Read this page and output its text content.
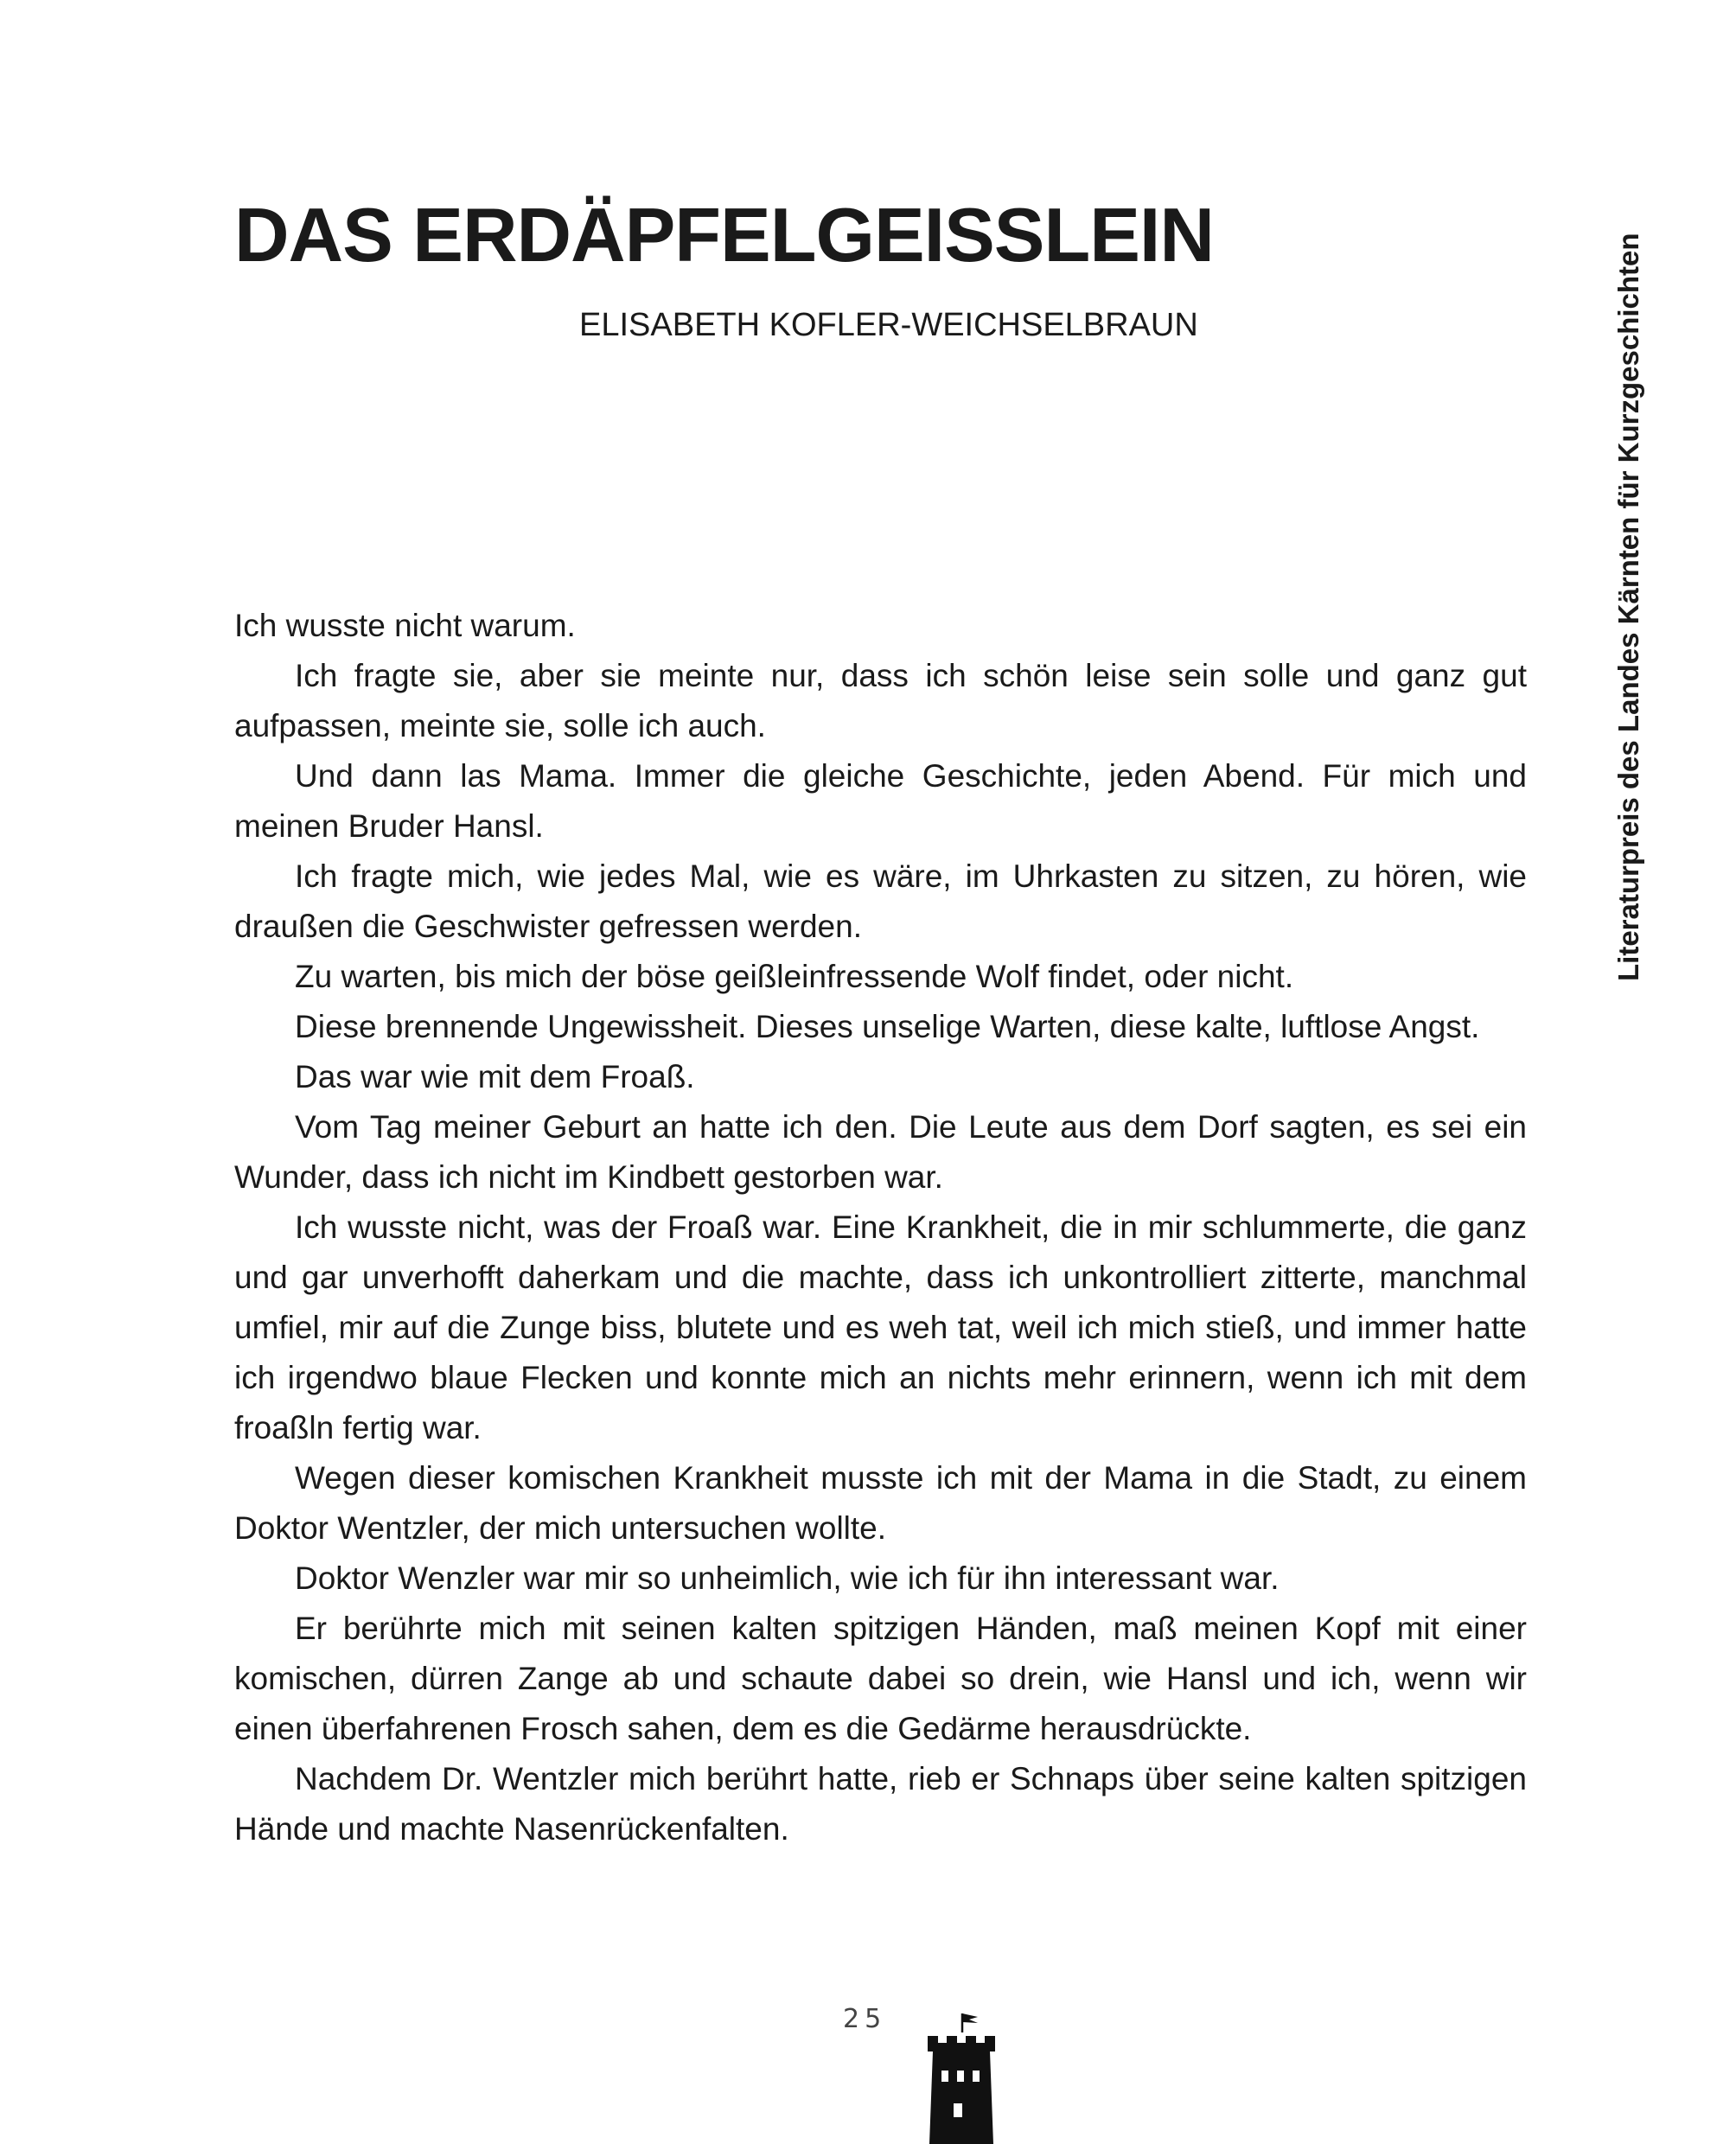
DAS ERDÄPFELGEISSLEIN
ELISABETH KOFLER-WEICHSELBRAUN	Literaturpreis des Landes Kärnten für Kurzgeschichten

Ich wusste nicht warum.

Ich fragte sie, aber sie meinte nur, dass ich schön leise sein solle und ganz gut aufpassen, meinte sie, solle ich auch.

Und dann las Mama. Immer die gleiche Geschichte, jeden Abend. Für mich und meinen Bruder Hansl.

Ich fragte mich, wie jedes Mal, wie es wäre, im Uhrkasten zu sitzen, zu hören, wie draußen die Geschwister gefressen werden.

Zu warten, bis mich der böse geißleinfressende Wolf findet, oder nicht.

Diese brennende Ungewissheit. Dieses unselige Warten, diese kalte, luftlose Angst.

Das war wie mit dem Froaß.

Vom Tag meiner Geburt an hatte ich den. Die Leute aus dem Dorf sagten, es sei ein Wunder, dass ich nicht im Kindbett gestorben war.

Ich wusste nicht, was der Froaß war. Eine Krankheit, die in mir schlummerte, die ganz und gar unverhofft daherkam und die machte, dass ich unkontrolliert zitterte, manchmal umfiel, mir auf die Zunge biss, blutete und es weh tat, weil ich mich stieß, und immer hatte ich irgendwo blaue Flecken und konnte mich an nichts mehr erinnern, wenn ich mit dem froaßln fertig war.

Wegen dieser komischen Krankheit musste ich mit der Mama in die Stadt, zu einem Doktor Wentzler, der mich untersuchen wollte.

Doktor Wenzler war mir so unheimlich, wie ich für ihn interessant war.

Er berührte mich mit seinen kalten spitzigen Händen, maß meinen Kopf mit einer komischen, dürren Zange ab und schaute dabei so drein, wie Hansl und ich, wenn wir einen überfahrenen Frosch sahen, dem es die Gedärme herausdrückte.

Nachdem Dr. Wentzler mich berührt hatte, rieb er Schnaps über seine kalten spitzigen Hände und machte Nasenrückenfalten.

25
